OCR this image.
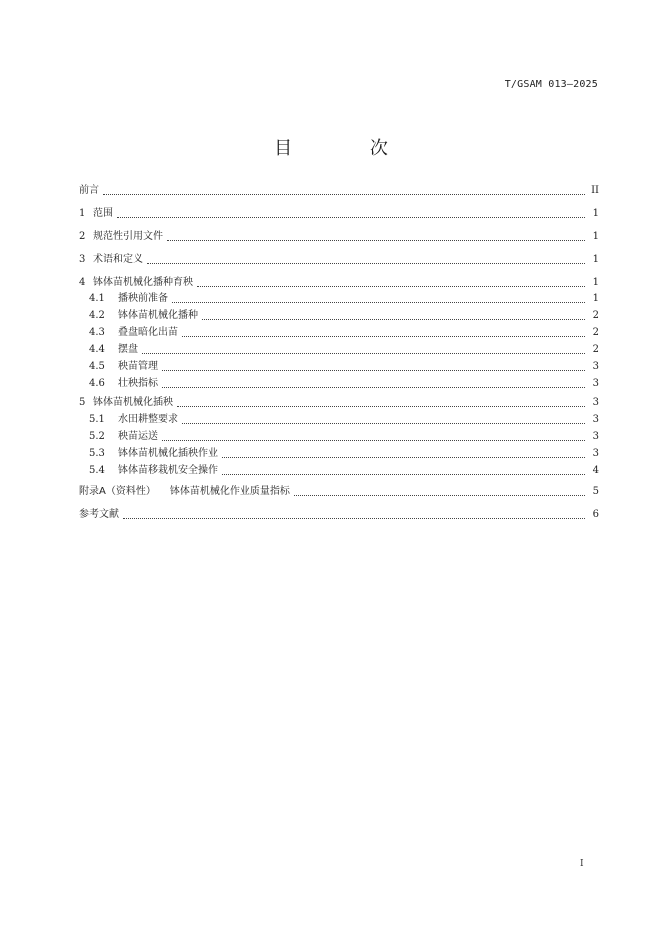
T/GSAM 013—2025
目 次
前言	II
1 范围	1
2 规范性引用文件	1
3 术语和定义	1
4 钵体苗机械化播种育秧	1
4.1	播秧前准备	1
4.2	钵体苗机械化播种	2
4.3	叠盘暗化出苗	2
4.4	摆盘	2
4.5	秧苗管理	3
4.6	壮秧指标	3
5 钵体苗机械化插秧	3
5.1	水田耕整要求	3
5.2	秧苗运送	3
5.3	钵体苗机械化插秧作业	3
5.4	钵体苗移栽机安全操作	4
附录A（资料性） 钵体苗机械化作业质量指标	5
参考文献	6
I
